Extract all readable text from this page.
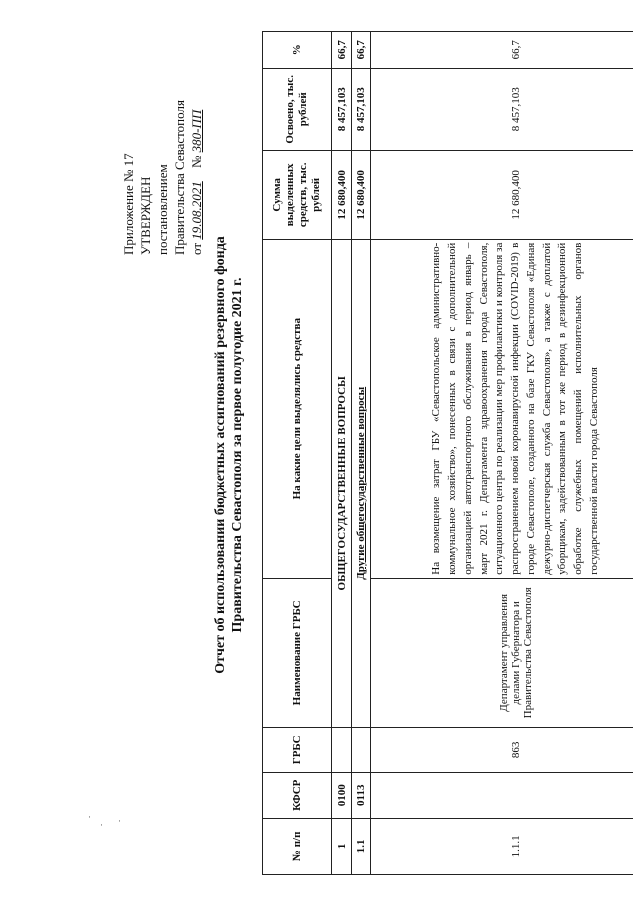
Приложение № 17 УТВЕРЖДЕН постановлением Правительства Севастополя от 19.08.2021 № 380-ПП
Отчет об использовании бюджетных ассигнований резервного фонда Правительства Севастополя за первое полугодие 2021 г.
№ п/п	КФСР	ГРБС	Наименование ГРБС	На какие цели выделялись средства	Сумма выделенных средств, тыс. рублей	Освоено, тыс. рублей	%
1	0100		ОБЩЕГОСУДАРСТВЕННЫЕ ВОПРОСЫ		12 680,400	8 457,103	66,7
1.1	0113		Другие общегосударственные вопросы		12 680,400	8 457,103	66,7
1.1.1		863	Департамент управления делами Губернатора и Правительства Севастополя	На возмещение затрат ГБУ «Севастопольское административно-коммунальное хозяйство», понесенных в связи с дополнительной организацией автотранспортного обслуживания в период январь – март 2021 г. Департамента здравоохранения города Севастополя, ситуационного центра по реализации мер профилактики и контроля за распространением новой коронавирусной инфекции (COVID-2019) в городе Севастополе, созданного на базе ГКУ Севастополя «Единая дежурно-диспетчерская служба Севастополя», а также с доплатой уборщикам, задействованным в тот же период в дезинфекционной обработке служебных помещений исполнительных органов государственной власти города Севастополя	12 680,400	8 457,103	66,7
·
· ·
